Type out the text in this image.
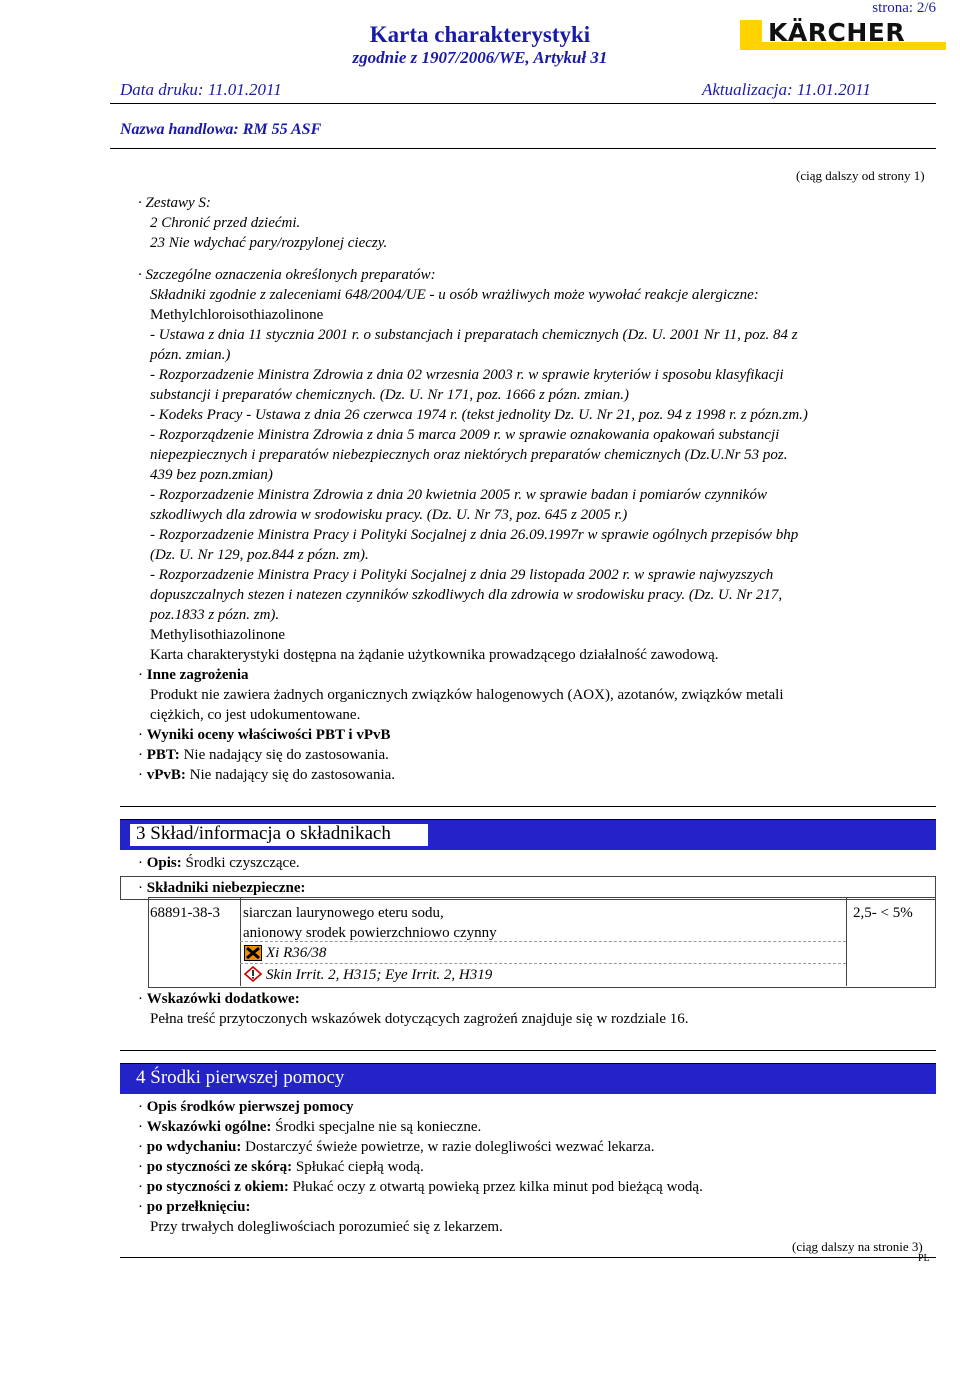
strona: 2/6
Karta charakterystyki
zgodnie z 1907/2006/WE, Artykuł 31
KÄRCHER
Data druku: 11.01.2011	Aktualizacja: 11.01.2011
Nazwa handlowa: RM 55 ASF
(ciąg dalszy od strony 1)
· Zestawy S:
2 Chronić przed dziećmi.
23 Nie wdychać pary/rozpylonej cieczy.
· Szczególne oznaczenia określonych preparatów:
Składniki zgodnie z zaleceniami 648/2004/UE - u osób wrażliwych może wywołać reakcje alergiczne:
Methylchloroisothiazolinone
- Ustawa z dnia 11 stycznia 2001 r. o substancjach i preparatach chemicznych (Dz. U. 2001 Nr 11, poz. 84 z
pózn. zmian.)
- Rozporzadzenie Ministra Zdrowia z dnia 02 wrzesnia 2003 r. w sprawie kryteriów i sposobu klasyfikacji
substancji i preparatów chemicznych. (Dz. U. Nr 171, poz. 1666 z pózn. zmian.)
- Kodeks Pracy - Ustawa z dnia 26 czerwca 1974 r. (tekst jednolity Dz. U. Nr 21, poz. 94 z 1998 r. z pózn.zm.)
- Rozporządzenie Ministra Zdrowia z dnia 5 marca 2009 r. w sprawie oznakowania opakowań substancji
niepezpiecznych i preparatów niebezpiecznych oraz niektórych preparatów chemicznych (Dz.U.Nr 53 poz.
439 bez pozn.zmian)
- Rozporzadzenie Ministra Zdrowia z dnia 20 kwietnia 2005 r. w sprawie badan i pomiarów czynników
szkodliwych dla zdrowia w srodowisku pracy. (Dz. U. Nr 73, poz. 645 z 2005 r.)
- Rozporzadzenie Ministra Pracy i Polityki Socjalnej z dnia 26.09.1997r w sprawie ogólnych przepisów bhp
(Dz. U. Nr 129, poz.844 z pózn. zm).
- Rozporzadzenie Ministra Pracy i Polityki Socjalnej z dnia 29 listopada 2002 r. w sprawie najwyzszych
dopuszczalnych stezen i natezen czynników szkodliwych dla zdrowia w srodowisku pracy. (Dz. U. Nr 217,
poz.1833 z pózn. zm).
Methylisothiazolinone
Karta charakterystyki dostępna na żądanie użytkownika prowadzącego działalność zawodową.
· Inne zagrożenia
Produkt nie zawiera żadnych organicznych związków halogenowych (AOX), azotanów, związków metali
ciężkich, co jest udokumentowane.
· Wyniki oceny właściwości PBT i vPvB
· PBT: Nie nadający się do zastosowania.
· vPvB: Nie nadający się do zastosowania.
3 Skład/informacja o składnikach
· Opis: Środki czyszczące.
· Składniki niebezpieczne:
68891-38-3 siarczan laurynowego eteru sodu,
anionowy srodek powierzchniowo czynny
Xi R36/38
Skin Irrit. 2, H315; Eye Irrit. 2, H319
2,5- < 5%
· Wskazówki dodatkowe:
Pełna treść przytoczonych wskazówek dotyczących zagrożeń znajduje się w rozdziale 16.
4 Środki pierwszej pomocy
· Opis środków pierwszej pomocy
· Wskazówki ogólne: Środki specjalne nie są konieczne.
· po wdychaniu: Dostarczyć świeże powietrze, w razie dolegliwości wezwać lekarza.
· po styczności ze skórą: Spłukać ciepłą wodą.
· po styczności z okiem: Płukać oczy z otwartą powieką przez kilka minut pod bieżącą wodą.
· po przełknięciu:
Przy trwałych dolegliwościach porozumieć się z lekarzem.
(ciąg dalszy na stronie 3)
PL
